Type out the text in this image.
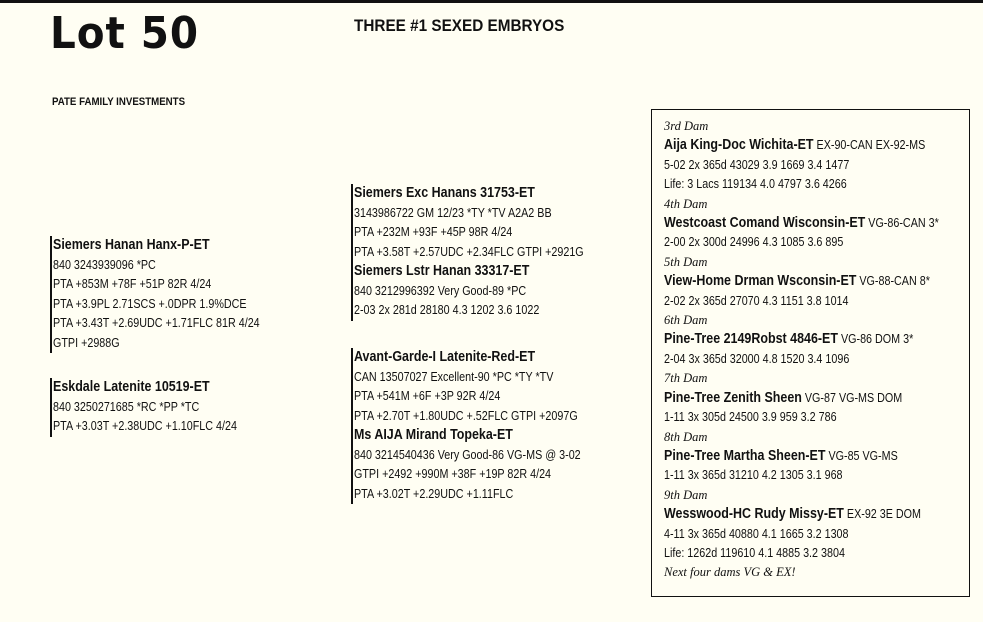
Lot 50	THREE #1 SEXED EMBRYOS
PATE FAMILY INVESTMENTS
Siemers Hanan Hanx-P-ET
840 3243939096 *PC
PTA +853M +78F +51P 82R 4/24
PTA +3.9PL 2.71SCS +.0DPR 1.9%DCE
PTA +3.43T +2.69UDC +1.71FLC 81R 4/24
GTPI +2988G
Eskdale Latenite 10519-ET
840 3250271685 *RC *PP *TC
PTA +3.03T +2.38UDC +1.10FLC 4/24
Siemers Exc Hanans 31753-ET
3143986722 GM 12/23 *TY *TV A2A2 BB
PTA +232M +93F +45P 98R 4/24
PTA +3.58T +2.57UDC +2.34FLC GTPI +2921G
Siemers Lstr Hanan 33317-ET
840 3212996392 Very Good-89 *PC
2-03 2x 281d 28180 4.3 1202 3.6 1022
Avant-Garde-I Latenite-Red-ET
CAN 13507027 Excellent-90 *PC *TY *TV
PTA +541M +6F +3P 92R 4/24
PTA +2.70T +1.80UDC +.52FLC GTPI +2097G
Ms AIJA Mirand Topeka-ET
840 3214540436 Very Good-86 VG-MS @ 3-02
GTPI +2492 +990M +38F +19P 82R 4/24
PTA +3.02T +2.29UDC +1.11FLC
3rd Dam
Aija King-Doc Wichita-ET EX-90-CAN EX-92-MS
5-02 2x 365d 43029 3.9 1669 3.4 1477
Life: 3 Lacs 119134 4.0 4797 3.6 4266
4th Dam
Westcoast Comand Wisconsin-ET VG-86-CAN 3*
2-00 2x 300d 24996 4.3 1085 3.6 895
5th Dam
View-Home Drman Wsconsin-ET VG-88-CAN 8*
2-02 2x 365d 27070 4.3 1151 3.8 1014
6th Dam
Pine-Tree 2149Robst 4846-ET VG-86 DOM 3*
2-04 3x 365d 32000 4.8 1520 3.4 1096
7th Dam
Pine-Tree Zenith Sheen VG-87 VG-MS DOM
1-11 3x 305d 24500 3.9 959 3.2 786
8th Dam
Pine-Tree Martha Sheen-ET VG-85 VG-MS
1-11 3x 365d 31210 4.2 1305 3.1 968
9th Dam
Wesswood-HC Rudy Missy-ET EX-92 3E DOM
4-11 3x 365d 40880 4.1 1665 3.2 1308
Life: 1262d 119610 4.1 4885 3.2 3804
Next four dams VG & EX!
